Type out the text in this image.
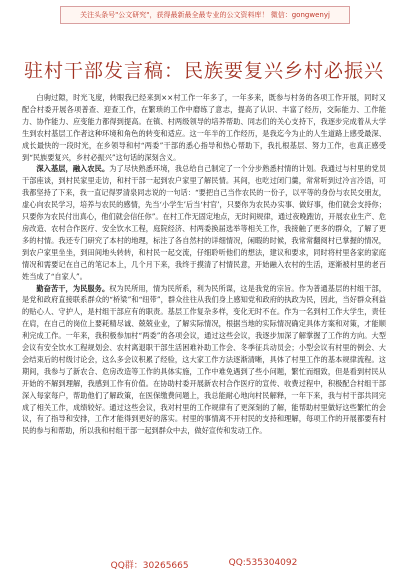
关注头条号"公文研究"，获得最新最全最专业的公文资料库！ 微信：gongwenyj
驻村干部发言稿：民族要复兴乡村必振兴

白驹过隙，时光飞度，转眼我已经来到××村工作一年多了，一年多来，既参与村务的各项工作开展，同时又配合村委开展各项普查、迎查工作，在繁琐的工作中磨练了意志，提高了认识、丰富了经历，交际能力、工作能力、协作能力、应变能力都得到提高。在镇、村两级领导的培养帮助、同志们的关心支持下，我逐步完成着从大学生到农村基层工作者这种环境和角色的转变和适应。这一年半的工作经历，是我迄今为止的人生道路上感受最深、成长最快的一段时光，在乡领导和村“两委”干部的悉心指导和热心帮助下，我扎根基层、努力工作，也真正感受到“民族要复兴，乡村必振兴”这句话的深刻含义。

深入基层，融入农民。为了尽快熟悉环境，我总给自己制定了一个分步熟悉村情的计划。我通过与村里的党员干部座谈，到村民家里走访，和村干部一起到农户家里了解民情。其间，也吃过闭门羹，常常听到过冷言冷语，可我都坚持了下来，我一直记得罗清泉同志说的一句话：“要把自己当作农民的一份子，以平等的身份与农民交朋友，虚心向农民学习，培养与农民的感情，先当‘小学生’后当‘村官’，只要你为农民办实事、做好事，他们就会支持你；只要你为农民付出真心，他们就会信任你”。在村工作无固定地点，无时间规律，通过夜晚跑访，开展农业生产、危房改造、农村合作医疗、安全饮水工程，庭院经济、村两委换届选举等相关工作，我接触了更多的群众，了解了更多的村情。我还专门研究了本村的地理，标注了各自然村的详细情况，闲暇的时候，我常常翻阅村已掌握的情况，到农户家里坐坐，到田间地头转转，和村民一起交流，仔细聆听他们的想法，建议和要求，同时将村里各家的家庭情况和需要记在自己的笔记本上，几个月下来，我终于摸清了村情民意，开始融入农村的生活，逐渐被村里的老百姓当成了“自家人”。

勤奋苦干，为民服务。权为民所用，情为民所系，利为民所谋，这是我党的宗旨。作为普通基层的村组干部，是党和政府直接联系群众的“桥梁”和“纽带”，群众往往从我们身上感知党和政府的执政为民，因此，当好群众利益的贴心人、守护人，是村组干部应有的职责。基层工作复杂多样，变化无时不在。作为一名到村工作大学生，责任在肩，在自己的岗位上要耗精尽诚、兢兢业业，了解实际情况，根据当地的实际情况确定具体方案和对策，才能顺利完成工作。一年来，我积极参加村“两委”的各项会议，通过这些会议，我逐步加深了解掌握了工作的方向。大型会议有安全饮水工程规划会、农村离退职干部生活困难补助工作会、冬季征兵动员会；小型会议有村里的例会、大会结束后的村级讨论会，这么多会议积累了经验，这大家工作方法逐渐清晰，具体了村里工作的基本规律流程。这期间，我参与了新农合、危房改造等工作的具体实施，工作中难免遇到了些小问题，繁忙而细致，但是看到村民从开始的不解到理解，我感到工作有价值。在协助村委开展新农村合作医疗的宣传、收费过程中，积极配合村组干部深入每家每户，帮助他们了解政策，在医保缴费问题上，我总能耐心地向村民解释，一年下来，我与村干部共同完成了相关工作，成绩较好。通过这些会议，我对村里的工作规律有了更深刻的了解，能帮助村里做好这些繁忙的会议，有了指导和安排，工作才能得到更好的落实。村里的事情离不开村民的支持和理解，每项工作的开展都要有村民的参与和帮助，所以我和村组干部一起到群众中去，做好宣传和发动工作。

QQ群：30265665	QQ:535304092
